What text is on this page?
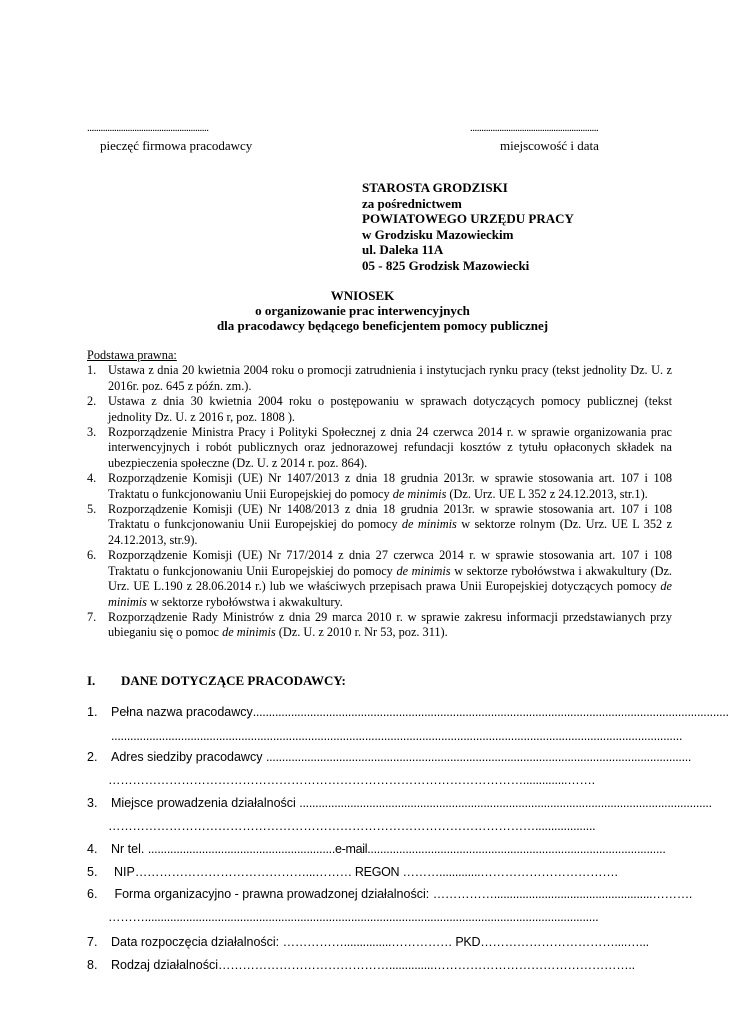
......................................................
pieczęć firmowa pracodawcy
.........................................................
miejscowość i data
STAROSTA GRODZISKI
za pośrednictwem
POWIATOWEGO URZĘDU PRACY
w Grodzisku Mazowieckim
ul. Daleka 11A
05 - 825 Grodzisk Mazowiecki
WNIOSEK
o organizowanie prac interwencyjnych
dla pracodawcy będącego beneficjentem pomocy publicznej
Podstawa prawna:
1. Ustawa z dnia 20 kwietnia 2004 roku o promocji zatrudnienia i instytucjach rynku pracy (tekst jednolity Dz. U. z 2016r. poz. 645 z późn. zm.).
2. Ustawa z dnia 30 kwietnia 2004 roku o postępowaniu w sprawach dotyczących pomocy publicznej (tekst jednolity Dz. U. z 2016 r, poz. 1808 ).
3. Rozporządzenie Ministra Pracy i Polityki Społecznej z dnia 24 czerwca 2014 r. w sprawie organizowania prac interwencyjnych i robót publicznych oraz jednorazowej refundacji kosztów z tytułu opłaconych składek na ubezpieczenia społeczne (Dz. U. z 2014 r. poz. 864).
4. Rozporządzenie Komisji (UE) Nr 1407/2013 z dnia 18 grudnia 2013r. w sprawie stosowania art. 107 i 108 Traktatu o funkcjonowaniu Unii Europejskiej do pomocy de minimis (Dz. Urz. UE L 352 z 24.12.2013, str.1).
5. Rozporządzenie Komisji (UE) Nr 1408/2013 z dnia 18 grudnia 2013r. w sprawie stosowania art. 107 i 108 Traktatu o funkcjonowaniu Unii Europejskiej do pomocy de minimis w sektorze rolnym (Dz. Urz. UE L 352 z 24.12.2013, str.9).
6. Rozporządzenie Komisji (UE) Nr 717/2014 z dnia 27 czerwca 2014 r. w sprawie stosowania art. 107 i 108 Traktatu o funkcjonowaniu Unii Europejskiej do pomocy de minimis w sektorze rybołówstwa i akwakultury (Dz. Urz. UE L.190 z 28.06.2014 r.) lub we właściwych przepisach prawa Unii Europejskiej dotyczących pomocy de minimis w sektorze rybołówstwa i akwakultury.
7. Rozporządzenie Rady Ministrów z dnia 29 marca 2010 r. w sprawie zakresu informacji przedstawianych przy ubieganiu się o pomoc de minimis (Dz. U. z 2010 r. Nr 53, poz. 311).
I. DANE DOTYCZĄCE PRACODAWCY:
1. Pełna nazwa pracodawcy......................................................................................................................................................
....................................................................................................................................................................................
2. Adres siedziby pracodawcy ......................................................................................................................................
…………………………………………………………………………………………..............…….
3. Miejsce prowadzenia działalności ..................................................................................................................................
……………………………………………………………………………………………...................
4. Nr tel. ...........................................................e-mail..............................................................................................
5. NIP……………………………………...……… REGON ……….............…………………………….
6. Forma organizacyjno - prawna prowadzonej działalności: ……………..................................................……….
………...............................................................................................................................................
7. Data rozpoczęcia działalności: ……………...............…………… PKD……………………………....…...
8. Rodzaj działalności……………………………………..............…………………………………………..
